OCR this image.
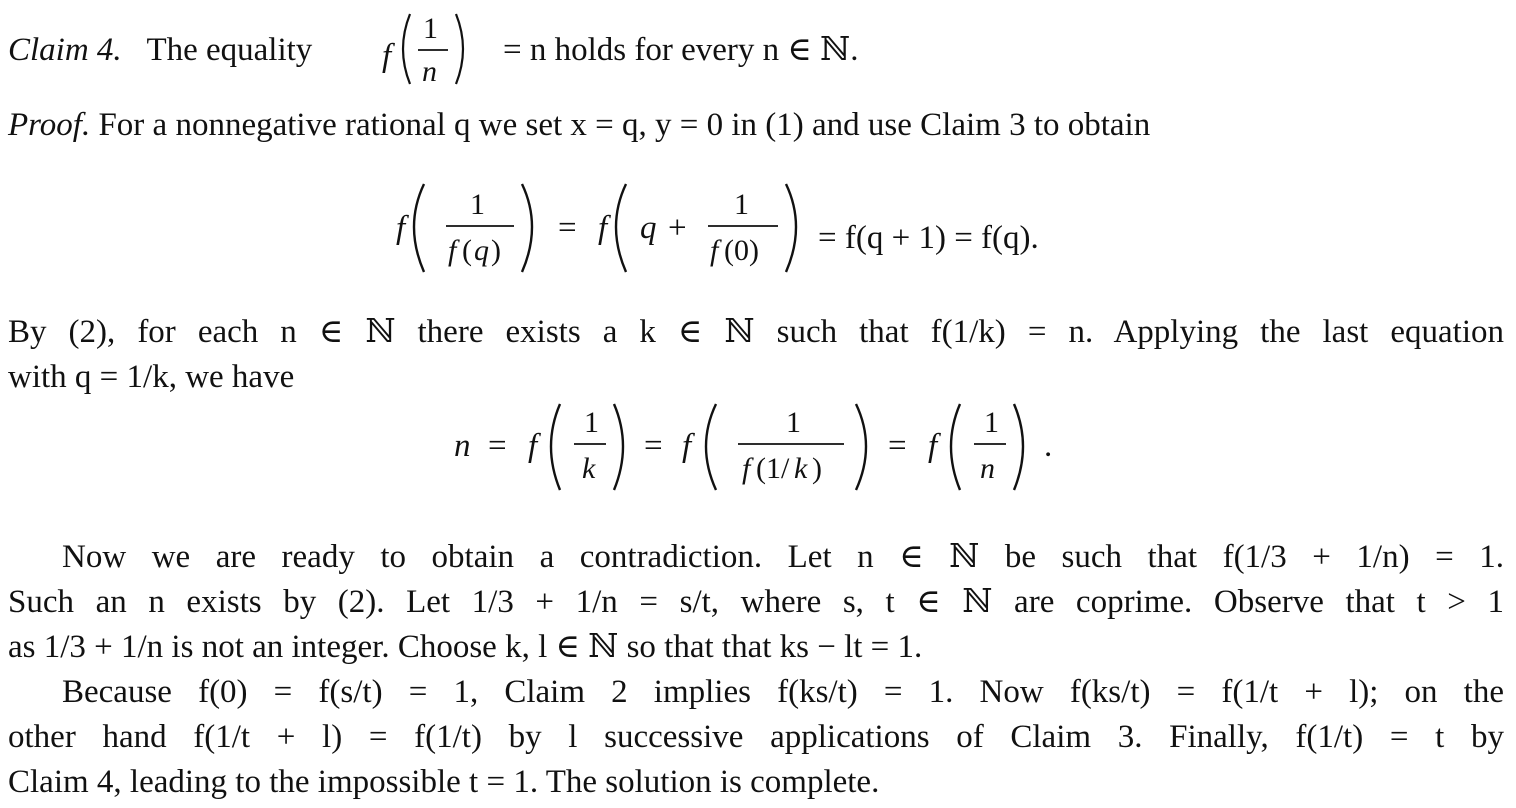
Claim 4. The equality f
1
n
= n holds for every n ∈ ℕ.
Proof. For a nonnegative rational q we set x = q, y = 0 in (1) and use Claim 3 to obtain
f
1
f ( q )
= f q +
1
f (0) = f(q + 1) = f(q).
By (2), for each n ∈ ℕ there exists a k ∈ ℕ such that f(1/k) = n. Applying the last equation
with q = 1/k, we have
n = f
1
k
= f
1
f (1/ k )
= f
1
n
.
Now we are ready to obtain a contradiction. Let n ∈ ℕ be such that f(1/3 + 1/n) = 1.
Such an n exists by (2). Let 1/3 + 1/n = s/t, where s, t ∈ ℕ are coprime. Observe that t > 1
as 1/3 + 1/n is not an integer. Choose k, l ∈ ℕ so that that ks − lt = 1.
Because f(0) = f(s/t) = 1, Claim 2 implies f(ks/t) = 1. Now f(ks/t) = f(1/t + l); on the
other hand f(1/t + l) = f(1/t) by l successive applications of Claim 3. Finally, f(1/t) = t by
Claim 4, leading to the impossible t = 1. The solution is complete.
